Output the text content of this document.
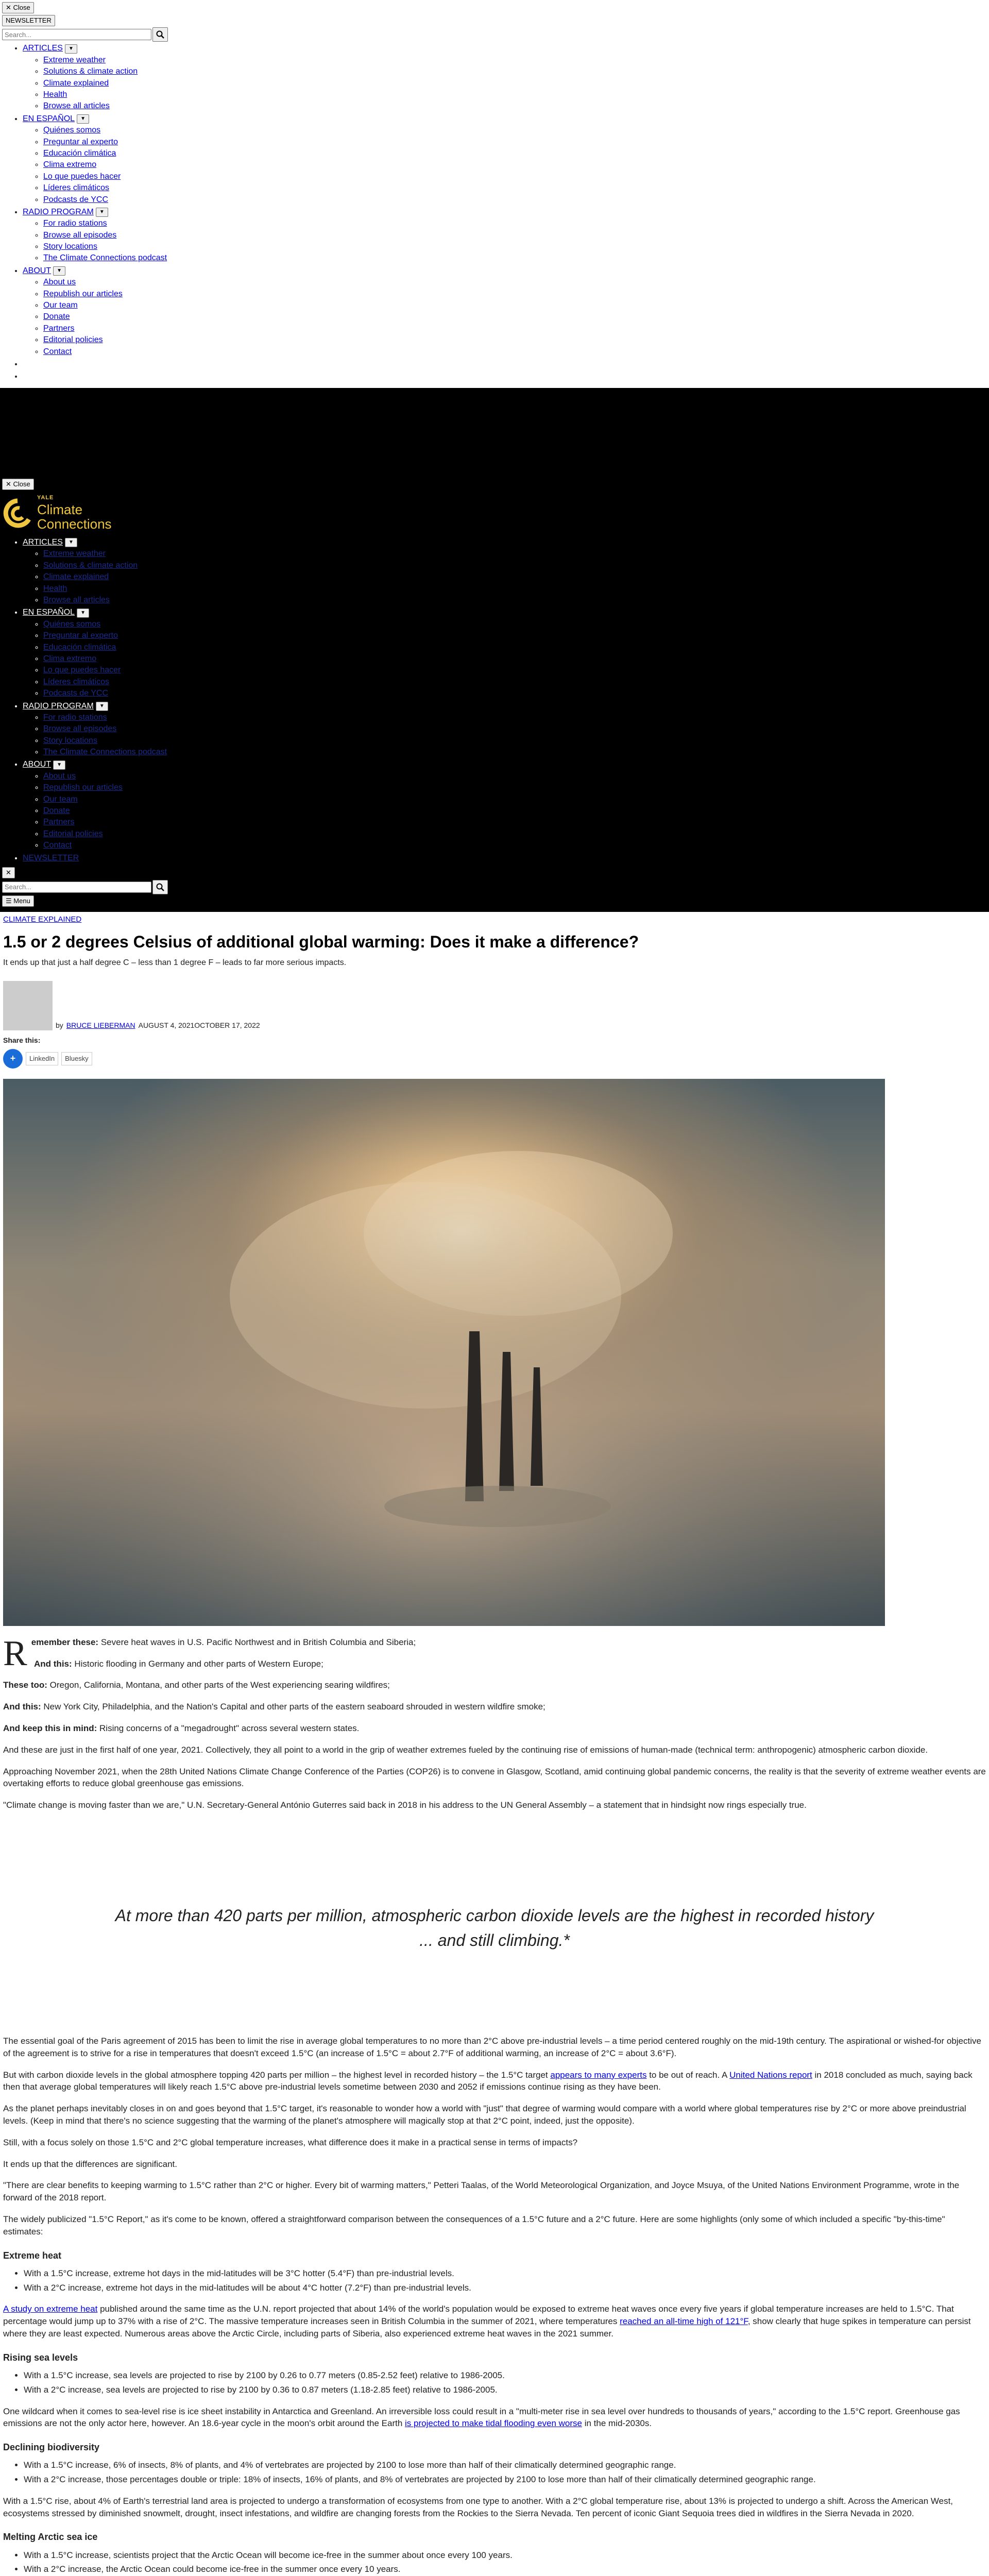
✕ Close
NEWSLETTER
Search...
• ARTICLES	▼
◦ Extreme weather
◦ Solutions & climate action
◦ Climate explained
◦ Health
◦ Browse all articles
• EN ESPAÑOL	▼
◦ Quiénes somos
◦ Preguntar al experto
◦ Educación climática
◦ Clima extremo
◦ Lo que puedes hacer
◦ Líderes climáticos
◦ Podcasts de YCC
• RADIO PROGRAM	▼
◦ For radio stations
◦ Browse all episodes
◦ Story locations
◦ The Climate Connections podcast
• ABOUT	▼
◦ About us
◦ Republish our articles
◦ Our team
◦ Donate
◦ Partners
◦ Editorial policies
◦ Contact
•
•
✕ Close
YALE
Climate
Connections
• ARTICLES	▼
◦ Extreme weather
◦ Solutions & climate action
◦ Climate explained
◦ Health
◦ Browse all articles
• EN ESPAÑOL	▼
◦ Quiénes somos
◦ Preguntar al experto
◦ Educación climática
◦ Clima extremo
◦ Lo que puedes hacer
◦ Líderes climáticos
◦ Podcasts de YCC
• RADIO PROGRAM	▼
◦ For radio stations
◦ Browse all episodes
◦ Story locations
◦ The Climate Connections podcast
• ABOUT	▼
◦ About us
◦ Republish our articles
◦ Our team
◦ Donate
◦ Partners
◦ Editorial policies
◦ Contact
• NEWSLETTER
✕
Search...
☰ Menu
CLIMATE EXPLAINED
1.5 or 2 degrees Celsius of additional global warming: Does it make a difference?

It ends up that just a half degree C – less than 1 degree F – leads to far more serious impacts.

by BRUCE LIEBERMAN AUGUST 4, 2021OCTOBER 17, 2022
Share this:
+	LinkedIn	Bluesky

Remember these: Severe heat waves in U.S. Pacific Northwest and in British Columbia and Siberia;

And this: Historic flooding in Germany and other parts of Western Europe;

These too: Oregon, California, Montana, and other parts of the West experiencing searing wildfires;

And this: New York City, Philadelphia, and the Nation's Capital and other parts of the eastern seaboard shrouded in western wildfire smoke;

And keep this in mind: Rising concerns of a "megadrought" across several western states.

And these are just in the first half of one year, 2021. Collectively, they all point to a world in the grip of weather extremes fueled by the continuing rise of emissions of human-made (technical term: anthropogenic) atmospheric carbon dioxide.

Approaching November 2021, when the 28th United Nations Climate Change Conference of the Parties (COP26) is to convene in Glasgow, Scotland, amid continuing global pandemic concerns, the reality is that the severity of extreme weather events are overtaking efforts to reduce global greenhouse gas emissions.

"Climate change is moving faster than we are," U.N. Secretary-General António Guterres said back in 2018 in his address to the UN General Assembly – a statement that in hindsight now rings especially true.

At more than 420 parts per million, atmospheric carbon dioxide levels are the highest in recorded history
... and still climbing.*

The essential goal of the Paris agreement of 2015 has been to limit the rise in average global temperatures to no more than 2°C above pre-industrial levels – a time period centered roughly on the mid-19th century. The aspirational or wished-for objective of the agreement is to strive for a rise in temperatures that doesn't exceed 1.5°C (an increase of 1.5°C = about 2.7°F of additional warming, an increase of 2°C = about 3.6°F).

But with carbon dioxide levels in the global atmosphere topping 420 parts per million – the highest level in recorded history – the 1.5°C target appears to many experts to be out of reach. A United Nations report in 2018 concluded as much, saying back then that average global temperatures will likely reach 1.5°C above pre-industrial levels sometime between 2030 and 2052 if emissions continue rising as they have been.

As the planet perhaps inevitably closes in on and goes beyond that 1.5°C target, it's reasonable to wonder how a world with "just" that degree of warming would compare with a world where global temperatures rise by 2°C or more above preindustrial levels. (Keep in mind that there's no science suggesting that the warming of the planet's atmosphere will magically stop at that 2°C point, indeed, just the opposite).

Still, with a focus solely on those 1.5°C and 2°C global temperature increases, what difference does it make in a practical sense in terms of impacts?

It ends up that the differences are significant.

"There are clear benefits to keeping warming to 1.5°C rather than 2°C or higher. Every bit of warming matters," Petteri Taalas, of the World Meteorological Organization, and Joyce Msuya, of the United Nations Environment Programme, wrote in the forward of the 2018 report.

The widely publicized "1.5°C Report," as it's come to be known, offered a straightforward comparison between the consequences of a 1.5°C future and a 2°C future. Here are some highlights (only some of which included a specific "by-this-time" estimates:

Extreme heat
• With a 1.5°C increase, extreme hot days in the mid-latitudes will be 3°C hotter (5.4°F) than pre-industrial levels.
• With a 2°C increase, extreme hot days in the mid-latitudes will be about 4°C hotter (7.2°F) than pre-industrial levels.

A study on extreme heat published around the same time as the U.N. report projected that about 14% of the world's population would be exposed to extreme heat waves once every five years if global temperature increases are held to 1.5°C. That percentage would jump up to 37% with a rise of 2°C. The massive temperature increases seen in British Columbia in the summer of 2021, where temperatures reached an all-time high of 121°F, show clearly that huge spikes in temperature can persist where they are least expected. Numerous areas above the Arctic Circle, including parts of Siberia, also experienced extreme heat waves in the 2021 summer.

Rising sea levels
• With a 1.5°C increase, sea levels are projected to rise by 2100 by 0.26 to 0.77 meters (0.85-2.52 feet) relative to 1986-2005.
• With a 2°C increase, sea levels are projected to rise by 2100 by 0.36 to 0.87 meters (1.18-2.85 feet) relative to 1986-2005.

One wildcard when it comes to sea-level rise is ice sheet instability in Antarctica and Greenland. An irreversible loss could result in a "multi-meter rise in sea level over hundreds to thousands of years," according to the 1.5°C report. Greenhouse gas emissions are not the only actor here, however. An 18.6-year cycle in the moon's orbit around the Earth is projected to make tidal flooding even worse in the mid-2030s.

Declining biodiversity
• With a 1.5°C increase, 6% of insects, 8% of plants, and 4% of vertebrates are projected by 2100 to lose more than half of their climatically determined geographic range.
• With a 2°C increase, those percentages double or triple: 18% of insects, 16% of plants, and 8% of vertebrates are projected by 2100 to lose more than half of their climatically determined geographic range.

With a 1.5°C rise, about 4% of Earth's terrestrial land area is projected to undergo a transformation of ecosystems from one type to another. With a 2°C global temperature rise, about 13% is projected to undergo a shift. Across the American West, ecosystems stressed by diminished snowmelt, drought, insect infestations, and wildfire are changing forests from the Rockies to the Sierra Nevada. Ten percent of iconic Giant Sequoia trees died in wildfires in the Sierra Nevada in 2020.

Melting Arctic sea ice
• With a 1.5°C increase, scientists project that the Arctic Ocean will become ice-free in the summer about once every 100 years.
• With a 2°C increase, the Arctic Ocean could become ice-free in the summer once every 10 years.
